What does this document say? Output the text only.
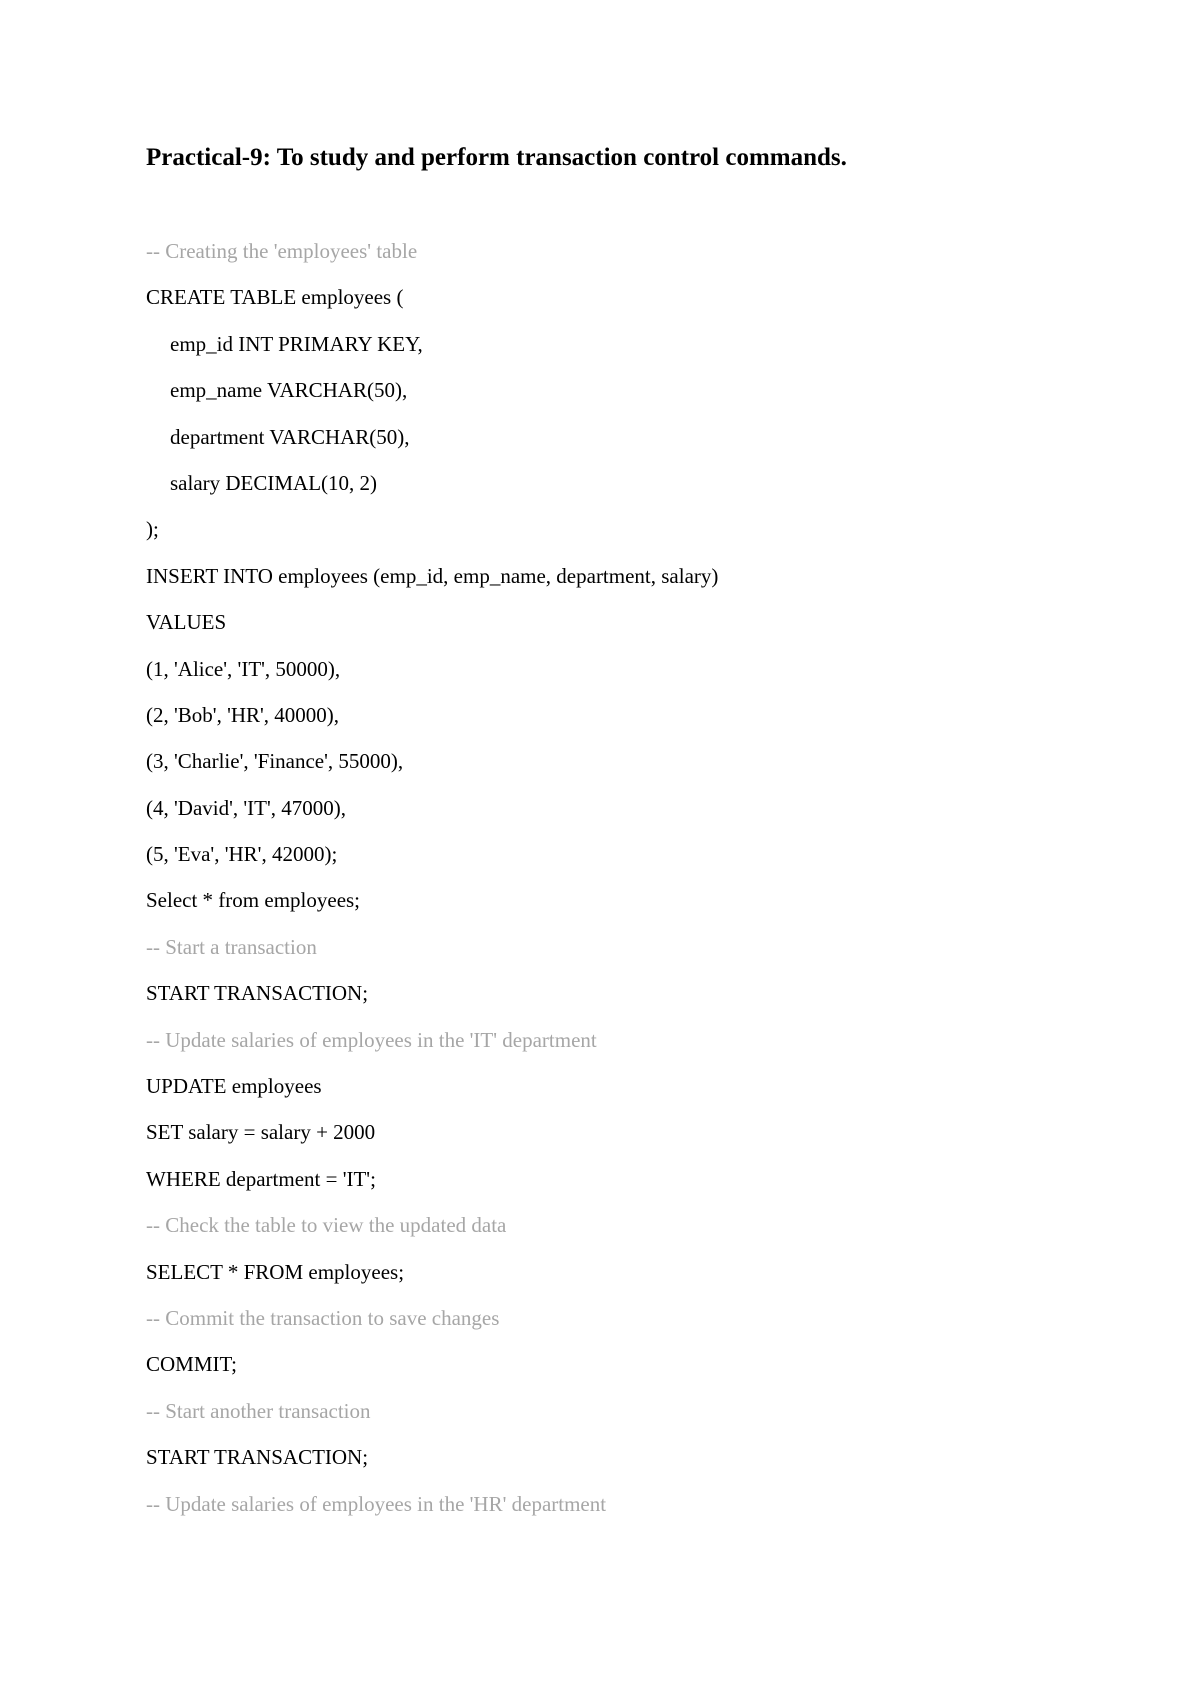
Practical-9: To study and perform transaction control commands.
-- Creating the 'employees' table
CREATE TABLE employees (
emp_id INT PRIMARY KEY,
emp_name VARCHAR(50),
department VARCHAR(50),
salary DECIMAL(10, 2)
);
INSERT INTO employees (emp_id, emp_name, department, salary)
VALUES
(1, 'Alice', 'IT', 50000),
(2, 'Bob', 'HR', 40000),
(3, 'Charlie', 'Finance', 55000),
(4, 'David', 'IT', 47000),
(5, 'Eva', 'HR', 42000);
Select * from employees;
-- Start a transaction
START TRANSACTION;
-- Update salaries of employees in the 'IT' department
UPDATE employees
SET salary = salary + 2000
WHERE department = 'IT';
-- Check the table to view the updated data
SELECT * FROM employees;
-- Commit the transaction to save changes
COMMIT;
-- Start another transaction
START TRANSACTION;
-- Update salaries of employees in the 'HR' department
